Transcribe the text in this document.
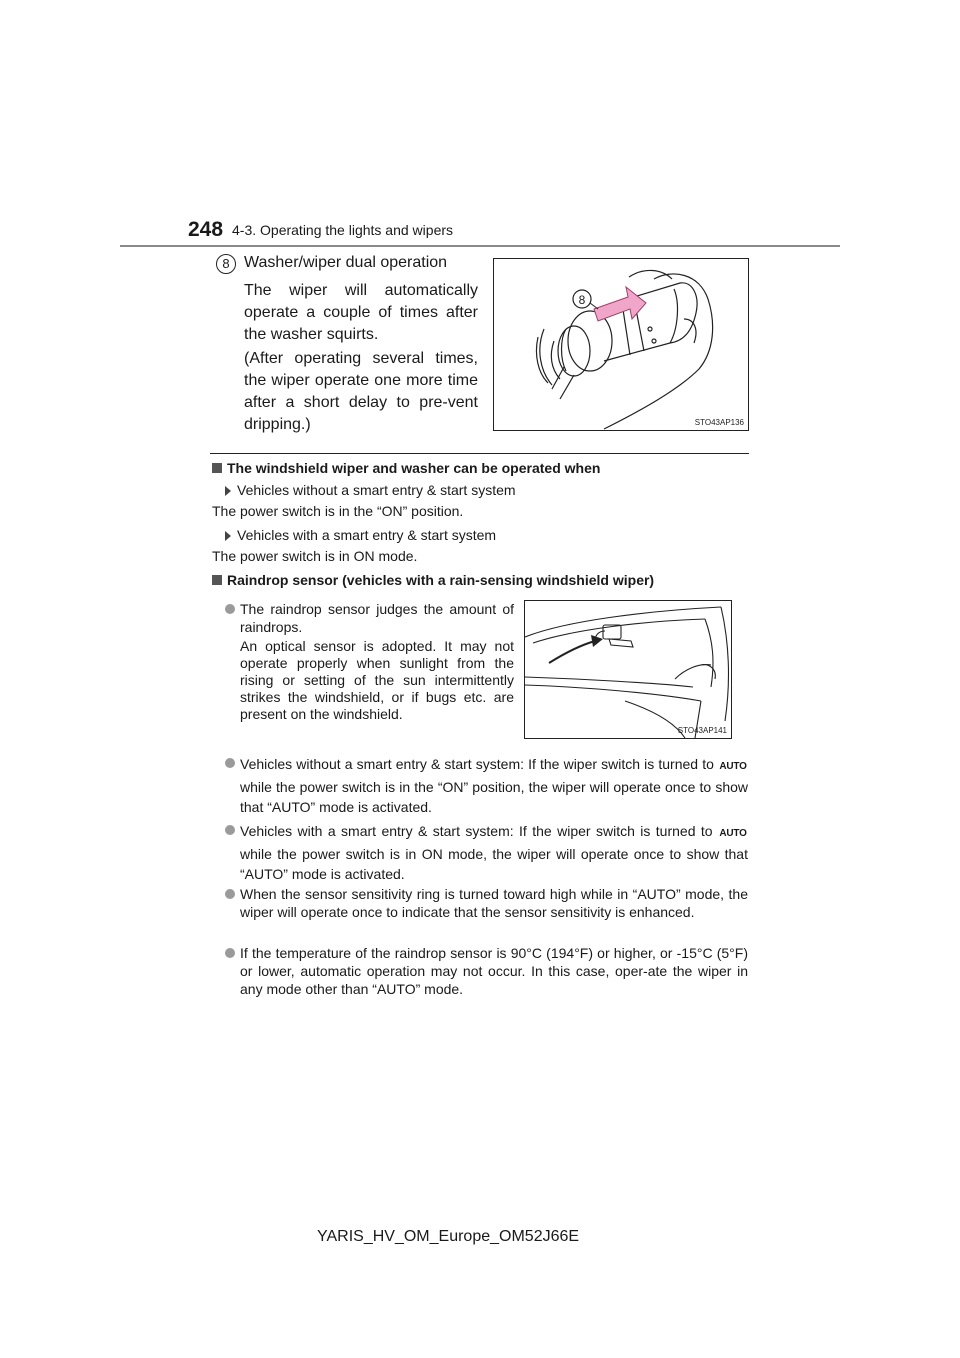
248 4-3. Operating the lights and wipers
8 Washer/wiper dual operation

The wiper will automatically operate a couple of times after the washer squirts.

(After operating several times, the wiper operate one more time after a short delay to pre-vent dripping.)

8
STO43AP136
The windshield wiper and washer can be operated when
Vehicles without a smart entry & start system
The power switch is in the “ON” position.
Vehicles with a smart entry & start system
The power switch is in ON mode.
Raindrop sensor (vehicles with a rain-sensing windshield wiper)

The raindrop sensor judges the amount of raindrops.

An optical sensor is adopted. It may not operate properly when sunlight from the rising or setting of the sun intermittently strikes the windshield, or if bugs etc. are present on the windshield.

STO43AP141

Vehicles without a smart entry & start system: If the wiper switch is turned to AUTO while the power switch is in the “ON” position, the wiper will operate once to show that “AUTO” mode is activated.

Vehicles with a smart entry & start system: If the wiper switch is turned to AUTO while the power switch is in ON mode, the wiper will operate once to show that “AUTO” mode is activated.

When the sensor sensitivity ring is turned toward high while in “AUTO” mode, the wiper will operate once to indicate that the sensor sensitivity is enhanced.

If the temperature of the raindrop sensor is 90°C (194°F) or higher, or -15°C (5°F) or lower, automatic operation may not occur. In this case, oper-ate the wiper in any mode other than “AUTO” mode.

YARIS_HV_OM_Europe_OM52J66E
